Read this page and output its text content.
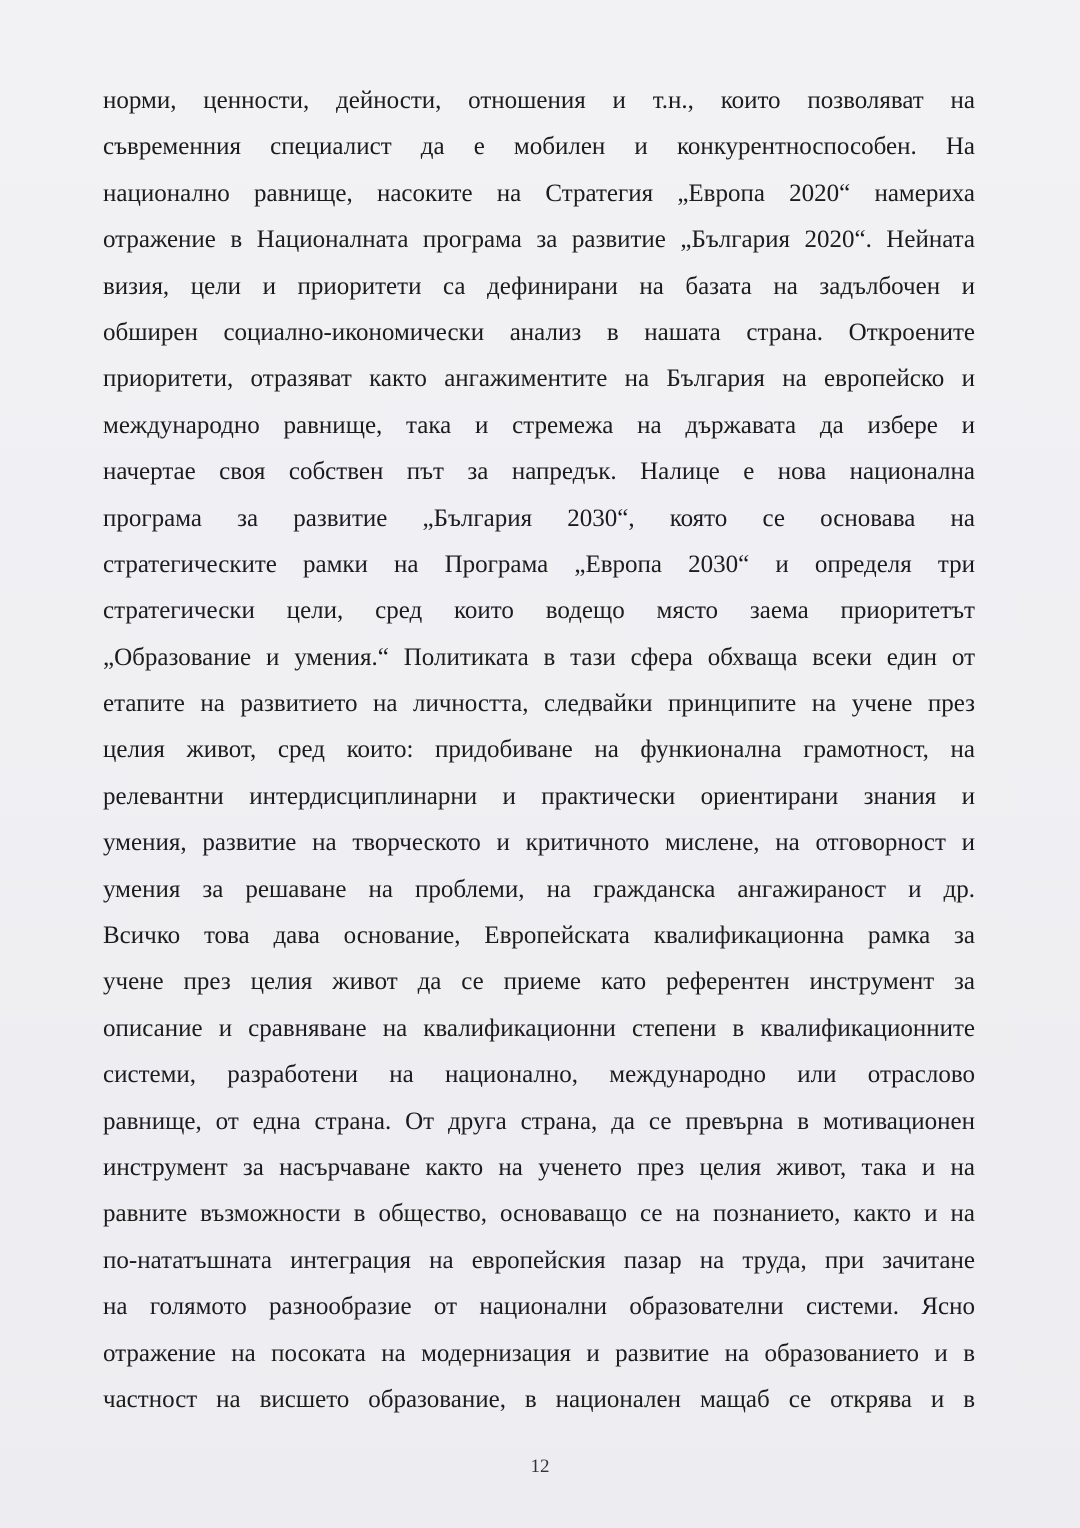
норми, ценности, дейности, отношения и т.н., които позволяват на
съвременния специалист да е мобилен и конкурентноспособен. На
национално равнище, насоките на Стратегия „Европа 2020“ намериха
отражение в Националната програма за развитие „България 2020“. Нейната
визия, цели и приоритети са дефинирани на базата на задълбочен и
обширен социално-икономически анализ в нашата страна. Откроените
приоритети, отразяват както ангажиментите на България на европейско и
международно равнище, така и стремежа на държавата да избере и
начертае своя собствен път за напредък. Налице е нова национална
програма за развитие „България 2030“, която се основава на
стратегическите рамки на Програма „Европа 2030“ и определя три
стратегически цели, сред които водещо място заема приоритетът
„Образование и умения.“ Политиката в тази сфера обхваща всеки един от
етапите на развитието на личността, следвайки принципите на учене през
целия живот, сред които: придобиване на функионална грамотност, на
релевантни интердисциплинарни и практически ориентирани знания и
умения, развитие на творческото и критичното мислене, на отговорност и
умения за решаване на проблеми, на гражданска ангажираност и др.
Всичко това дава основание, Европейската квалификационна рамка за
учене през целия живот да се приеме като референтен инструмент за
описание и сравняване на квалификационни степени в квалификационните
системи, разработени на национално, международно или отраслово
равнище, от една страна. От друга страна, да се превърна в мотивационен
инструмент за насърчаване както на ученето през целия живот, така и на
равните възможности в общество, основаващо се на познанието, както и на
по-нататъшната интеграция на европейския пазар на труда, при зачитане
на голямото разнообразие от национални образователни системи. Ясно
отражение на посоката на модернизация и развитие на образованието и в
частност на висшето образование, в национален мащаб се открява и в
12
